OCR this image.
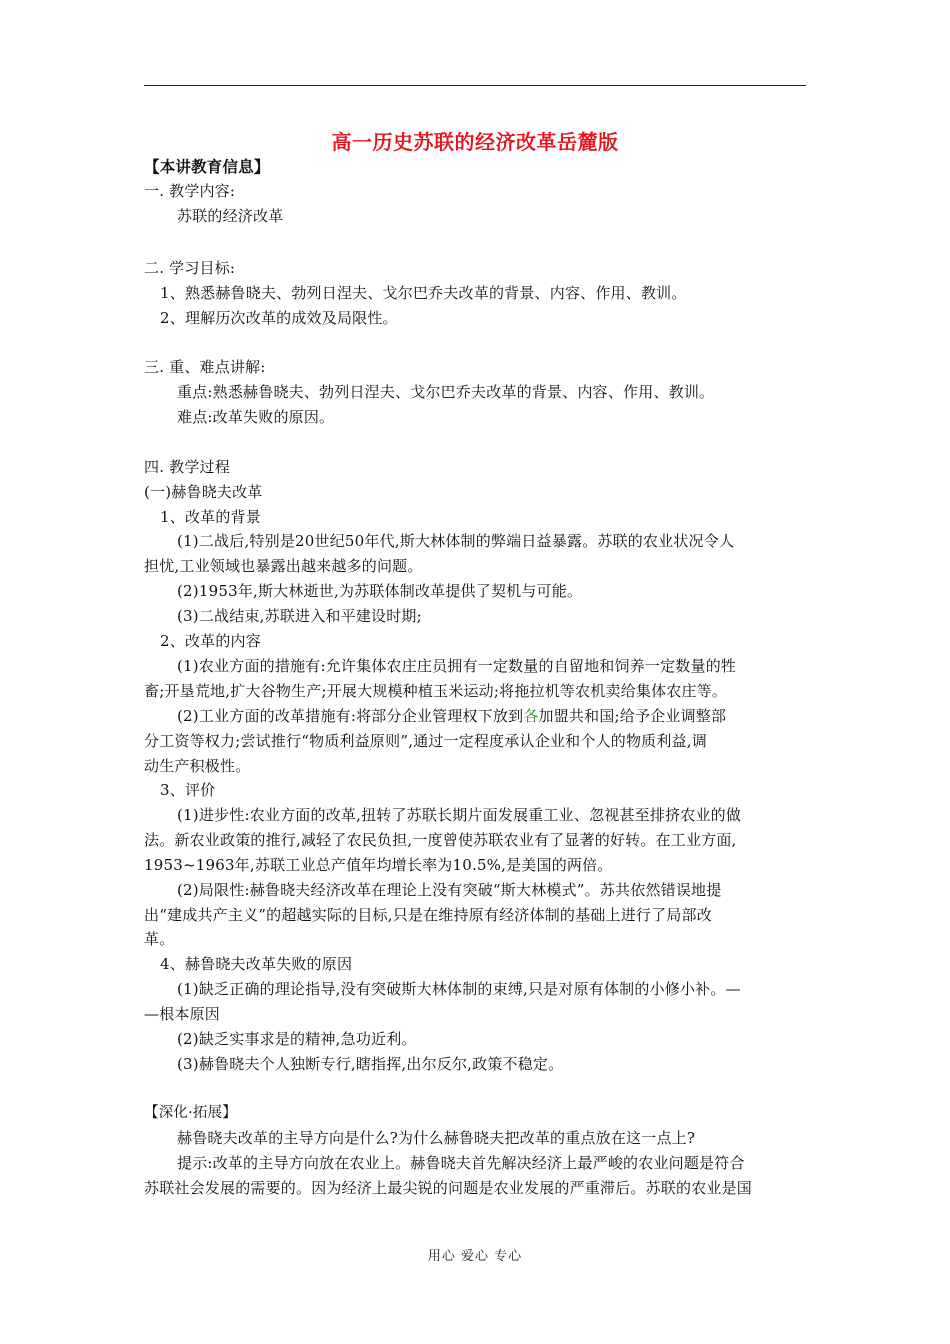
高一历史苏联的经济改革岳麓版
【本讲教育信息】
一. 教学内容:
苏联的经济改革
二. 学习目标:
1、熟悉赫鲁晓夫、勃列日涅夫、戈尔巴乔夫改革的背景、内容、作用、教训。
2、理解历次改革的成效及局限性。
三. 重、难点讲解:
重点:熟悉赫鲁晓夫、勃列日涅夫、戈尔巴乔夫改革的背景、内容、作用、教训。
难点:改革失败的原因。
四. 教学过程
(一)赫鲁晓夫改革
1、改革的背景
(1)二战后,特别是20世纪50年代,斯大林体制的弊端日益暴露。苏联的农业状况令人
担忧,工业领域也暴露出越来越多的问题。
(2)1953年,斯大林逝世,为苏联体制改革提供了契机与可能。
(3)二战结束,苏联进入和平建设时期;
2、改革的内容
(1)农业方面的措施有:允许集体农庄庄员拥有一定数量的自留地和饲养一定数量的牲
畜;开垦荒地,扩大谷物生产;开展大规模种植玉米运动;将拖拉机等农机卖给集体农庄等。
(2)工业方面的改革措施有:将部分企业管理权下放到各加盟共和国;给予企业调整部
分工资等权力;尝试推行“物质利益原则”,通过一定程度承认企业和个人的物质利益,调
动生产积极性。
3、评价
(1)进步性:农业方面的改革,扭转了苏联长期片面发展重工业、忽视甚至排挤农业的做
法。新农业政策的推行,减轻了农民负担,一度曾使苏联农业有了显著的好转。在工业方面,
1953~1963年,苏联工业总产值年均增长率为10.5%,是美国的两倍。
(2)局限性:赫鲁晓夫经济改革在理论上没有突破“斯大林模式”。苏共依然错误地提
出“建成共产主义”的超越实际的目标,只是在维持原有经济体制的基础上进行了局部改
革。
4、赫鲁晓夫改革失败的原因
(1)缺乏正确的理论指导,没有突破斯大林体制的束缚,只是对原有体制的小修小补。—
—根本原因
(2)缺乏实事求是的精神,急功近利。
(3)赫鲁晓夫个人独断专行,瞎指挥,出尔反尔,政策不稳定。
【深化·拓展】
赫鲁晓夫改革的主导方向是什么?为什么赫鲁晓夫把改革的重点放在这一点上?
提示:改革的主导方向放在农业上。赫鲁晓夫首先解决经济上最严峻的农业问题是符合
苏联社会发展的需要的。因为经济上最尖锐的问题是农业发展的严重滞后。苏联的农业是国
用心 爱心 专心
